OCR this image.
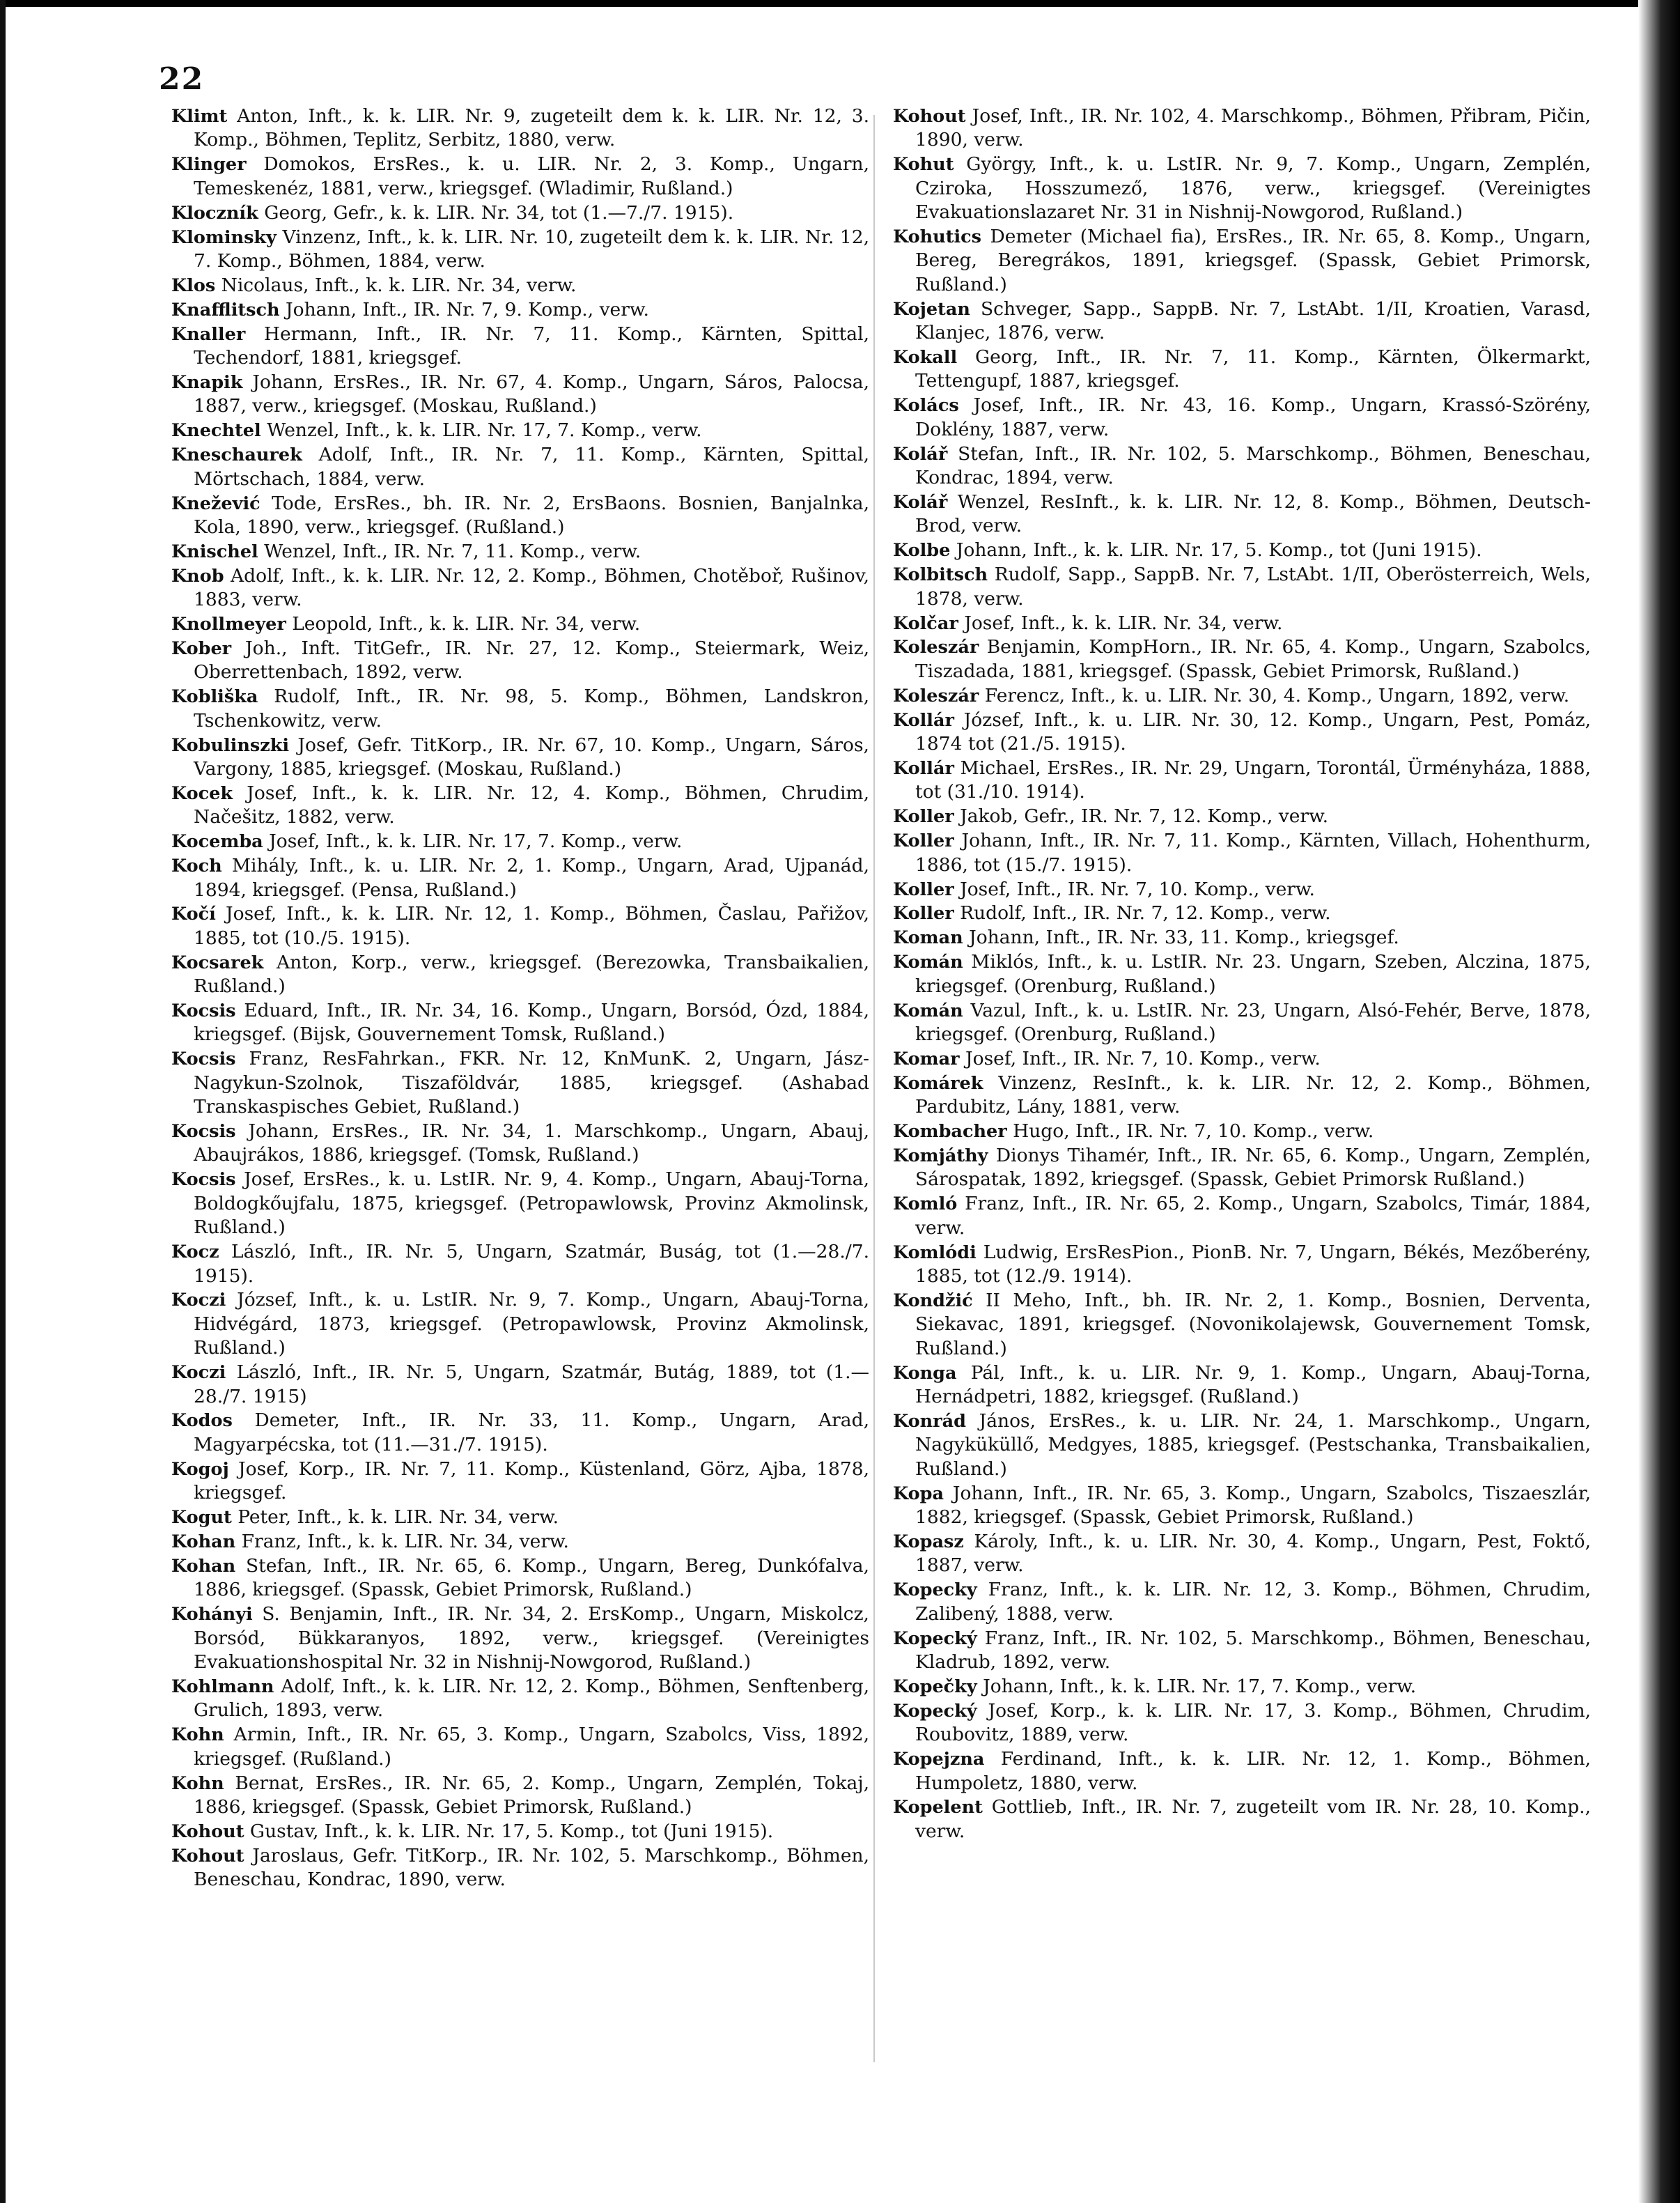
22
Klimt Anton, Inft., k. k. LIR. Nr. 9, zugeteilt dem k. k. LIR. Nr. 12, 3. Komp., Böhmen, Teplitz, Serbitz, 1880, verw.
Klinger Domokos, ErsRes., k. u. LIR. Nr. 2, 3. Komp., Ungarn, Temeskenéz, 1881, verw., kriegsgef. (Wladimir, Rußland.)
Kloczník Georg, Gefr., k. k. LIR. Nr. 34, tot (1.—7./7. 1915).
Klominsky Vinzenz, Inft., k. k. LIR. Nr. 10, zugeteilt dem k. k. LIR. Nr. 12, 7. Komp., Böhmen, 1884, verw.
Klos Nicolaus, Inft., k. k. LIR. Nr. 34, verw.
Knafflitsch Johann, Inft., IR. Nr. 7, 9. Komp., verw.
Knaller Hermann, Inft., IR. Nr. 7, 11. Komp., Kärnten, Spittal, Techendorf, 1881, kriegsgef.
Knapik Johann, ErsRes., IR. Nr. 67, 4. Komp., Ungarn, Sáros, Palocsa, 1887, verw., kriegsgef. (Moskau, Rußland.)
Knechtel Wenzel, Inft., k. k. LIR. Nr. 17, 7. Komp., verw.
Kneschaurek Adolf, Inft., IR. Nr. 7, 11. Komp., Kärnten, Spittal, Mörtschach, 1884, verw.
Knežević Tode, ErsRes., bh. IR. Nr. 2, ErsBaons. Bosnien, Banjalnka, Kola, 1890, verw., kriegsgef. (Rußland.)
Knischel Wenzel, Inft., IR. Nr. 7, 11. Komp., verw.
Knob Adolf, Inft., k. k. LIR. Nr. 12, 2. Komp., Böhmen, Chotěboř, Rušinov, 1883, verw.
Knollmeyer Leopold, Inft., k. k. LIR. Nr. 34, verw.
Kober Joh., Inft. TitGefr., IR. Nr. 27, 12. Komp., Steiermark, Weiz, Oberrettenbach, 1892, verw.
Kobliška Rudolf, Inft., IR. Nr. 98, 5. Komp., Böhmen, Landskron, Tschenkowitz, verw.
Kobulinszki Josef, Gefr. TitKorp., IR. Nr. 67, 10. Komp., Ungarn, Sáros, Vargony, 1885, kriegsgef. (Moskau, Rußland.)
Kocek Josef, Inft., k. k. LIR. Nr. 12, 4. Komp., Böhmen, Chrudim, Načešitz, 1882, verw.
Kocemba Josef, Inft., k. k. LIR. Nr. 17, 7. Komp., verw.
Koch Mihály, Inft., k. u. LIR. Nr. 2, 1. Komp., Ungarn, Arad, Ujpanád, 1894, kriegsgef. (Pensa, Rußland.)
Kočí Josef, Inft., k. k. LIR. Nr. 12, 1. Komp., Böhmen, Časlau, Pařižov, 1885, tot (10./5. 1915).
Kocsarek Anton, Korp., verw., kriegsgef. (Berezowka, Transbaikalien, Rußland.)
Kocsis Eduard, Inft., IR. Nr. 34, 16. Komp., Ungarn, Borsód, Ózd, 1884, kriegsgef. (Bijsk, Gouvernement Tomsk, Rußland.)
Kocsis Franz, ResFahrkan., FKR. Nr. 12, KnMunK. 2, Ungarn, Jász-Nagykun-Szolnok, Tiszaföldvár, 1885, kriegsgef. (Ashabad Transkaspisches Gebiet, Rußland.)
Kocsis Johann, ErsRes., IR. Nr. 34, 1. Marschkomp., Ungarn, Abauj, Abaujrákos, 1886, kriegsgef. (Tomsk, Rußland.)
Kocsis Josef, ErsRes., k. u. LstIR. Nr. 9, 4. Komp., Ungarn, Abauj-Torna, Boldogkőujfalu, 1875, kriegsgef. (Petropawlowsk, Provinz Akmolinsk, Rußland.)
Kocz László, Inft., IR. Nr. 5, Ungarn, Szatmár, Buság, tot (1.—28./7. 1915).
Koczi József, Inft., k. u. LstIR. Nr. 9, 7. Komp., Ungarn, Abauj-Torna, Hidvégárd, 1873, kriegsgef. (Petropawlowsk, Provinz Akmolinsk, Rußland.)
Koczi László, Inft., IR. Nr. 5, Ungarn, Szatmár, Butág, 1889, tot (1.—28./7. 1915)
Kodos Demeter, Inft., IR. Nr. 33, 11. Komp., Ungarn, Arad, Magyarpécska, tot (11.—31./7. 1915).
Kogoj Josef, Korp., IR. Nr. 7, 11. Komp., Küstenland, Görz, Ajba, 1878, kriegsgef.
Kogut Peter, Inft., k. k. LIR. Nr. 34, verw.
Kohan Franz, Inft., k. k. LIR. Nr. 34, verw.
Kohan Stefan, Inft., IR. Nr. 65, 6. Komp., Ungarn, Bereg, Dunkófalva, 1886, kriegsgef. (Spassk, Gebiet Primorsk, Rußland.)
Kohányi S. Benjamin, Inft., IR. Nr. 34, 2. ErsKomp., Ungarn, Miskolcz, Borsód, Bükkaranyos, 1892, verw., kriegsgef. (Vereinigtes Evakuationshospital Nr. 32 in Nishnij-Nowgorod, Rußland.)
Kohlmann Adolf, Inft., k. k. LIR. Nr. 12, 2. Komp., Böhmen, Senftenberg, Grulich, 1893, verw.
Kohn Armin, Inft., IR. Nr. 65, 3. Komp., Ungarn, Szabolcs, Viss, 1892, kriegsgef. (Rußland.)
Kohn Bernat, ErsRes., IR. Nr. 65, 2. Komp., Ungarn, Zemplén, Tokaj, 1886, kriegsgef. (Spassk, Gebiet Primorsk, Rußland.)
Kohout Gustav, Inft., k. k. LIR. Nr. 17, 5. Komp., tot (Juni 1915).
Kohout Jaroslaus, Gefr. TitKorp., IR. Nr. 102, 5. Marschkomp., Böhmen, Beneschau, Kondrac, 1890, verw.
Kohout Josef, Inft., IR. Nr. 102, 4. Marschkomp., Böhmen, Přibram, Pičin, 1890, verw.
Kohut György, Inft., k. u. LstIR. Nr. 9, 7. Komp., Ungarn, Zemplén, Cziroka, Hosszumező, 1876, verw., kriegsgef. (Vereinigtes Evakuationslazaret Nr. 31 in Nishnij-Nowgorod, Rußland.)
Kohutics Demeter (Michael fia), ErsRes., IR. Nr. 65, 8. Komp., Ungarn, Bereg, Beregrákos, 1891, kriegsgef. (Spassk, Gebiet Primorsk, Rußland.)
Kojetan Schveger, Sapp., SappB. Nr. 7, LstAbt. 1/II, Kroatien, Varasd, Klanjec, 1876, verw.
Kokall Georg, Inft., IR. Nr. 7, 11. Komp., Kärnten, Ölkermarkt, Tettengupf, 1887, kriegsgef.
Kolács Josef, Inft., IR. Nr. 43, 16. Komp., Ungarn, Krassó-Szörény, Doklény, 1887, verw.
Kolář Stefan, Inft., IR. Nr. 102, 5. Marschkomp., Böhmen, Beneschau, Kondrac, 1894, verw.
Kolář Wenzel, ResInft., k. k. LIR. Nr. 12, 8. Komp., Böhmen, Deutsch-Brod, verw.
Kolbe Johann, Inft., k. k. LIR. Nr. 17, 5. Komp., tot (Juni 1915).
Kolbitsch Rudolf, Sapp., SappB. Nr. 7, LstAbt. 1/II, Oberösterreich, Wels, 1878, verw.
Kolčar Josef, Inft., k. k. LIR. Nr. 34, verw.
Koleszár Benjamin, KompHorn., IR. Nr. 65, 4. Komp., Ungarn, Szabolcs, Tiszadada, 1881, kriegsgef. (Spassk, Gebiet Primorsk, Rußland.)
Koleszár Ferencz, Inft., k. u. LIR. Nr. 30, 4. Komp., Ungarn, 1892, verw.
Kollár József, Inft., k. u. LIR. Nr. 30, 12. Komp., Ungarn, Pest, Pomáz, 1874 tot (21./5. 1915).
Kollár Michael, ErsRes., IR. Nr. 29, Ungarn, Torontál, Ürményháza, 1888, tot (31./10. 1914).
Koller Jakob, Gefr., IR. Nr. 7, 12. Komp., verw.
Koller Johann, Inft., IR. Nr. 7, 11. Komp., Kärnten, Villach, Hohenthurm, 1886, tot (15./7. 1915).
Koller Josef, Inft., IR. Nr. 7, 10. Komp., verw.
Koller Rudolf, Inft., IR. Nr. 7, 12. Komp., verw.
Koman Johann, Inft., IR. Nr. 33, 11. Komp., kriegsgef.
Komán Miklós, Inft., k. u. LstIR. Nr. 23. Ungarn, Szeben, Alczina, 1875, kriegsgef. (Orenburg, Rußland.)
Komán Vazul, Inft., k. u. LstIR. Nr. 23, Ungarn, Alsó-Fehér, Berve, 1878, kriegsgef. (Orenburg, Rußland.)
Komar Josef, Inft., IR. Nr. 7, 10. Komp., verw.
Komárek Vinzenz, ResInft., k. k. LIR. Nr. 12, 2. Komp., Böhmen, Pardubitz, Lány, 1881, verw.
Kombacher Hugo, Inft., IR. Nr. 7, 10. Komp., verw.
Komjáthy Dionys Tihamér, Inft., IR. Nr. 65, 6. Komp., Ungarn, Zemplén, Sárospatak, 1892, kriegsgef. (Spassk, Gebiet Primorsk Rußland.)
Komló Franz, Inft., IR. Nr. 65, 2. Komp., Ungarn, Szabolcs, Timár, 1884, verw.
Komlódi Ludwig, ErsResPion., PionB. Nr. 7, Ungarn, Békés, Mezőberény, 1885, tot (12./9. 1914).
Kondžić II Meho, Inft., bh. IR. Nr. 2, 1. Komp., Bosnien, Derventa, Siekavac, 1891, kriegsgef. (Novonikolajewsk, Gouvernement Tomsk, Rußland.)
Konga Pál, Inft., k. u. LIR. Nr. 9, 1. Komp., Ungarn, Abauj-Torna, Hernádpetri, 1882, kriegsgef. (Rußland.)
Konrád János, ErsRes., k. u. LIR. Nr. 24, 1. Marschkomp., Ungarn, Nagyküküllő, Medgyes, 1885, kriegsgef. (Pestschanka, Transbaikalien, Rußland.)
Kopa Johann, Inft., IR. Nr. 65, 3. Komp., Ungarn, Szabolcs, Tiszaeszlár, 1882, kriegsgef. (Spassk, Gebiet Primorsk, Rußland.)
Kopasz Károly, Inft., k. u. LIR. Nr. 30, 4. Komp., Ungarn, Pest, Foktő, 1887, verw.
Kopecky Franz, Inft., k. k. LIR. Nr. 12, 3. Komp., Böhmen, Chrudim, Zalibený, 1888, verw.
Kopecký Franz, Inft., IR. Nr. 102, 5. Marschkomp., Böhmen, Beneschau, Kladrub, 1892, verw.
Kopečky Johann, Inft., k. k. LIR. Nr. 17, 7. Komp., verw.
Kopecký Josef, Korp., k. k. LIR. Nr. 17, 3. Komp., Böhmen, Chrudim, Roubovitz, 1889, verw.
Kopejzna Ferdinand, Inft., k. k. LIR. Nr. 12, 1. Komp., Böhmen, Humpoletz, 1880, verw.
Kopelent Gottlieb, Inft., IR. Nr. 7, zugeteilt vom IR. Nr. 28, 10. Komp., verw.
